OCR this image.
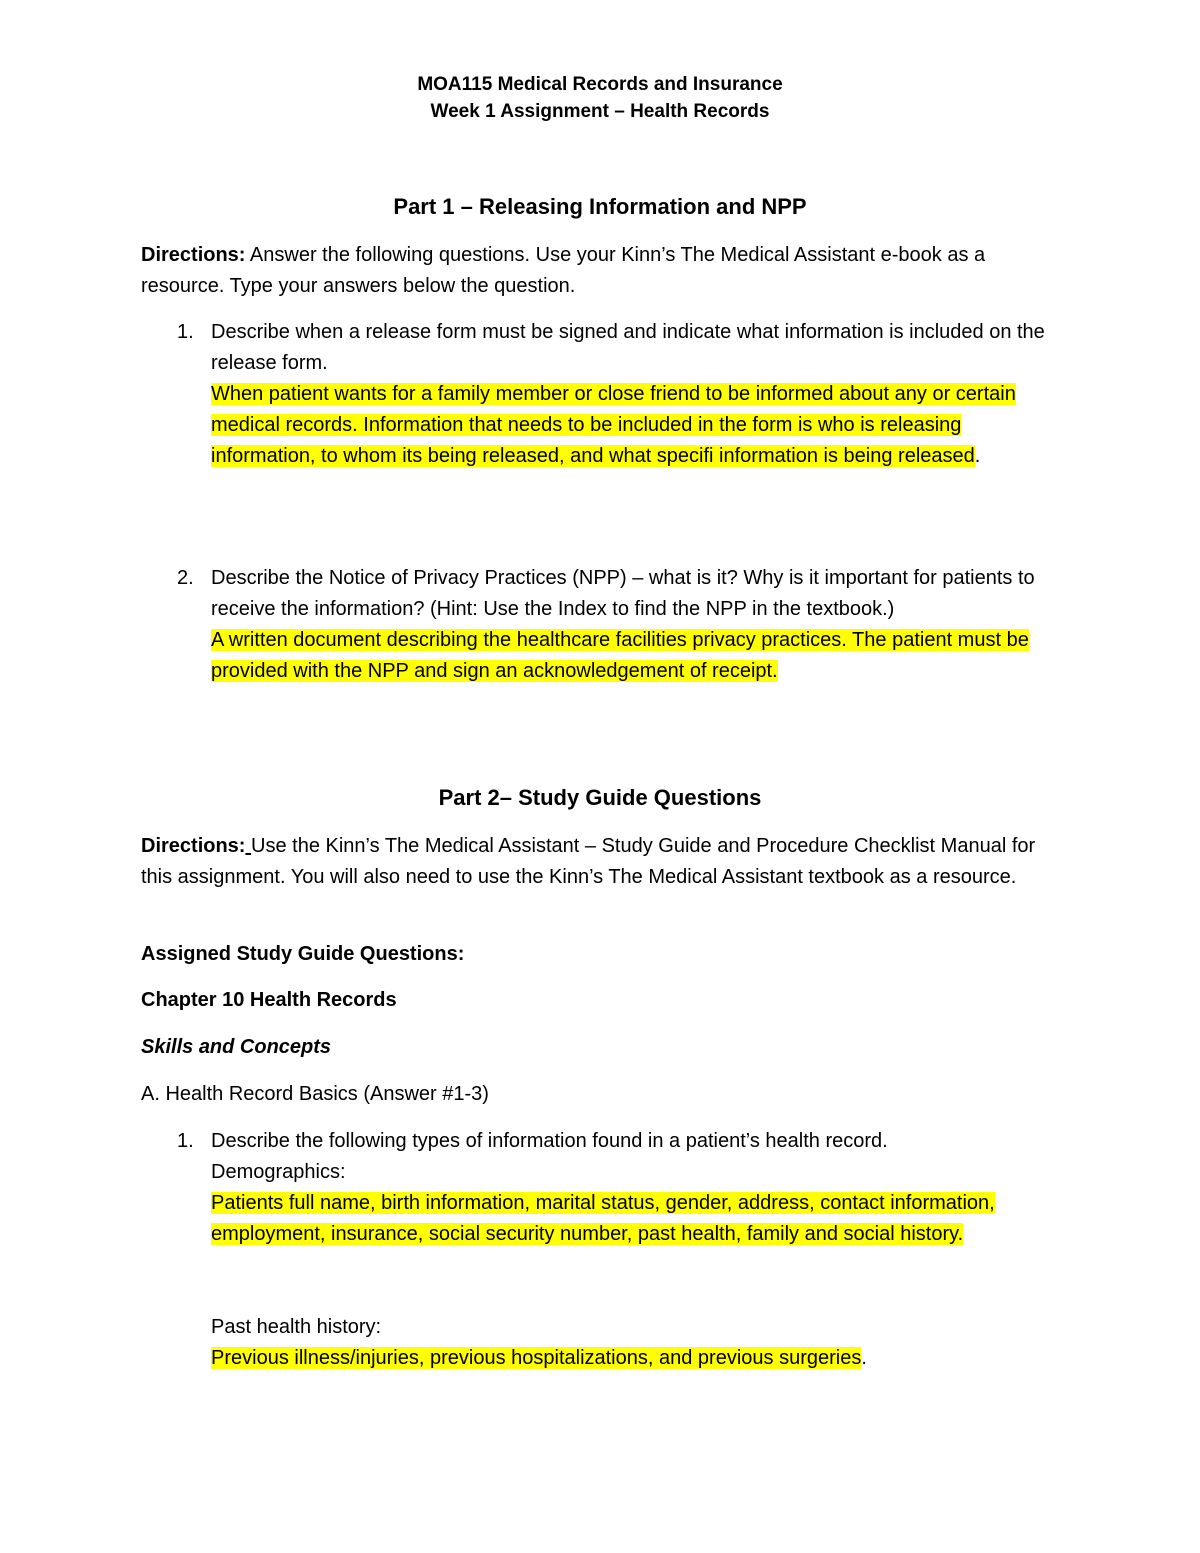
MOA115 Medical Records and Insurance
Week 1 Assignment – Health Records
Part 1 – Releasing Information and NPP

Directions: Answer the following questions. Use your Kinn’s The Medical Assistant e-book as a resource. Type your answers below the question.

1. Describe when a release form must be signed and indicate what information is included on the release form.
When patient wants for a family member or close friend to be informed about any or certain medical records. Information that needs to be included in the form is who is releasing information, to whom its being released, and what specifi information is being released.
2. Describe the Notice of Privacy Practices (NPP) – what is it? Why is it important for patients to receive the information? (Hint: Use the Index to find the NPP in the textbook.)
A written document describing the healthcare facilities privacy practices. The patient must be provided with the NPP and sign an acknowledgement of receipt.
Part 2– Study Guide Questions

Directions: Use the Kinn’s The Medical Assistant – Study Guide and Procedure Checklist Manual for this assignment. You will also need to use the Kinn’s The Medical Assistant textbook as a resource.

Assigned Study Guide Questions:
Chapter 10 Health Records
Skills and Concepts
A. Health Record Basics (Answer #1-3)
1. Describe the following types of information found in a patient’s health record.
Demographics:
Patients full name, birth information, marital status, gender, address, contact information, employment, insurance, social security number, past health, family and social history.
Past health history:
Previous illness/injuries, previous hospitalizations, and previous surgeries.
